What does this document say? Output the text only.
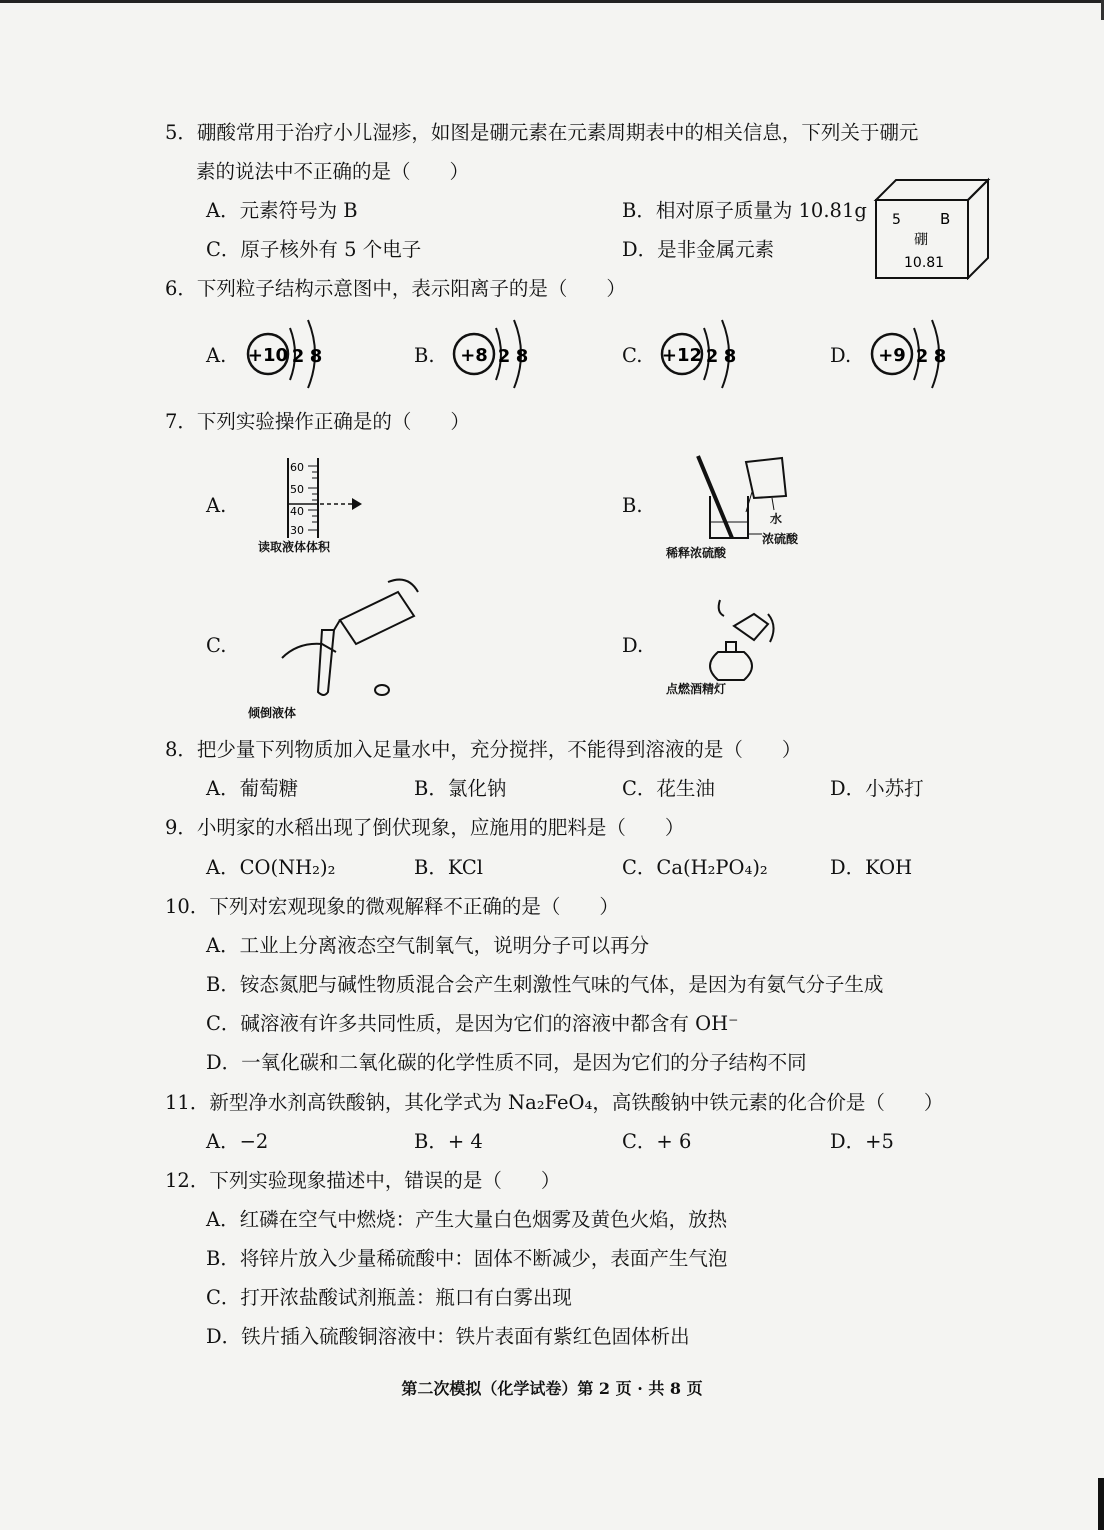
5．硼酸常用于治疗小儿湿疹，如图是硼元素在元素周期表中的相关信息，下列关于硼元
素的说法中不正确的是（　　）
A．元素符号为 B	B．相对原子质量为 10.81g
C．原子核外有 5 个电子	D．是非金属元素
5	B
硼
10.81
6．下列粒子结构示意图中，表示阳离子的是（　　）
A. +10 2 8	B. +8 2 8	C. +12 2 8	D. +9 2 8
7．下列实验操作正确是的（　　）
A.
60
50
40
30
读取液体体积
B.
水
浓硫酸
稀释浓硫酸
C.
倾倒液体
D.
点燃酒精灯
8．把少量下列物质加入足量水中，充分搅拌，不能得到溶液的是（　　）
A．葡萄糖	B．氯化钠	C．花生油	D．小苏打
9．小明家的水稻出现了倒伏现象，应施用的肥料是（　　）
A．CO(NH₂)₂	B．KCl	C．Ca(H₂PO₄)₂	D．KOH
10．下列对宏观现象的微观解释不正确的是（　　）
A．工业上分离液态空气制氧气，说明分子可以再分
B．铵态氮肥与碱性物质混合会产生刺激性气味的气体，是因为有氨气分子生成
C．碱溶液有许多共同性质，是因为它们的溶液中都含有 OH⁻
D．一氧化碳和二氧化碳的化学性质不同，是因为它们的分子结构不同
11．新型净水剂高铁酸钠，其化学式为 Na₂FeO₄，高铁酸钠中铁元素的化合价是（　　）
A．−2	B．+ 4	C．+ 6	D．+5
12．下列实验现象描述中，错误的是（　　）
A．红磷在空气中燃烧：产生大量白色烟雾及黄色火焰，放热
B．将锌片放入少量稀硫酸中：固体不断减少，表面产生气泡
C．打开浓盐酸试剂瓶盖：瓶口有白雾出现
D．铁片插入硫酸铜溶液中：铁片表面有紫红色固体析出
第二次模拟（化学试卷）第 2 页 · 共 8 页
